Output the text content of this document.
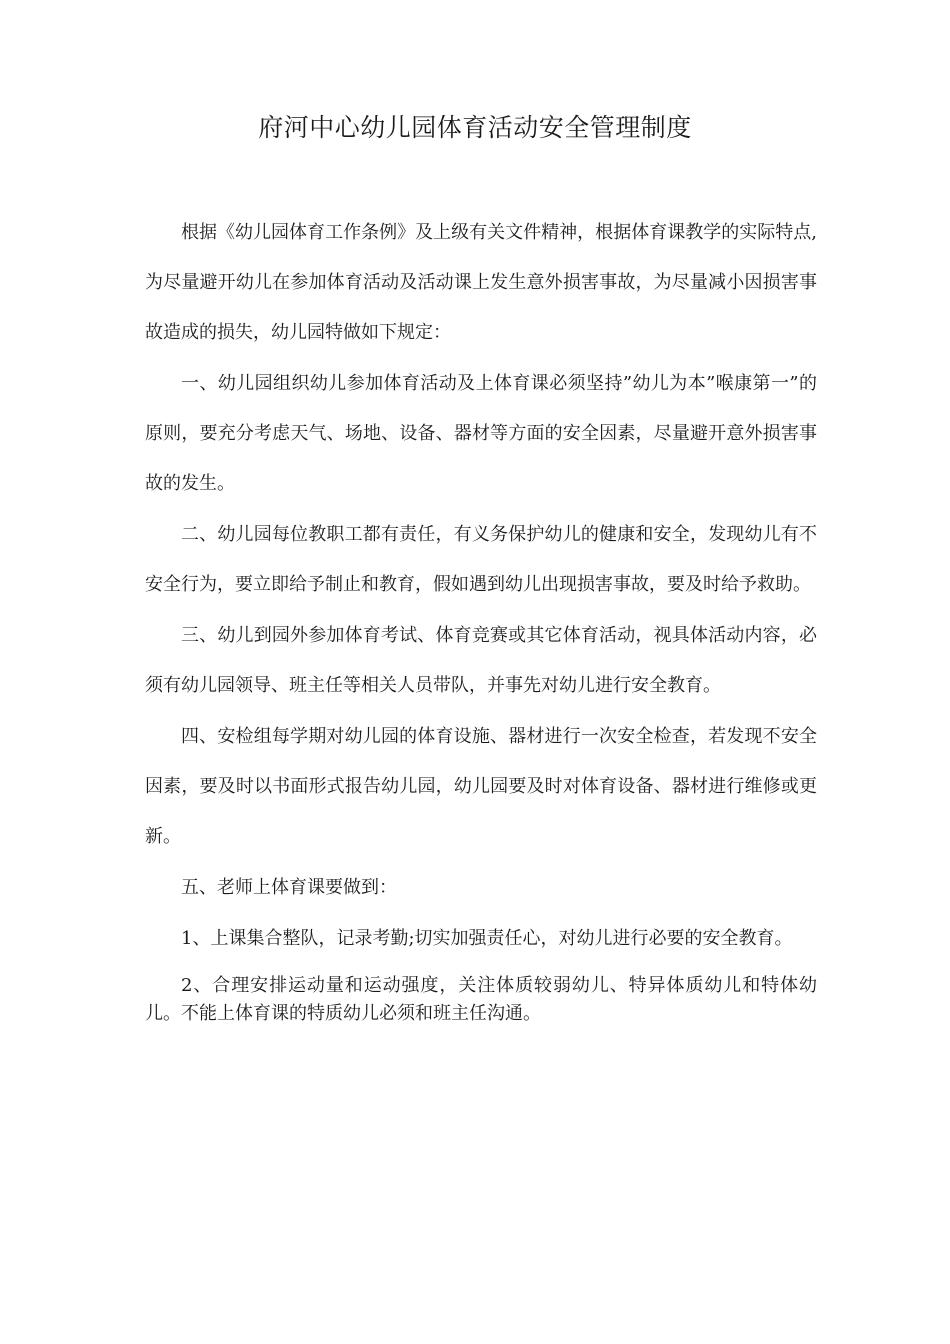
府河中心幼儿园体育活动安全管理制度

根据《幼儿园体育工作条例》及上级有关文件精神，根据体育课教学的实际特点,为尽量避开幼儿在参加体育活动及活动课上发生意外损害事故，为尽量减小因损害事故造成的损失，幼儿园特做如下规定：

一、幼儿园组织幼儿参加体育活动及上体育课必须坚持”幼儿为本”喉康第一”的原则，要充分考虑天气、场地、设备、器材等方面的安全因素，尽量避开意外损害事故的发生。

二、幼儿园每位教职工都有责任，有义务保护幼儿的健康和安全，发现幼儿有不安全行为，要立即给予制止和教育，假如遇到幼儿出现损害事故，要及时给予救助。

三、幼儿到园外参加体育考试、体育竞赛或其它体育活动，视具体活动内容，必须有幼儿园领导、班主任等相关人员带队，并事先对幼儿进行安全教育。

四、安检组每学期对幼儿园的体育设施、器材进行一次安全检查，若发现不安全因素，要及时以书面形式报告幼儿园，幼儿园要及时对体育设备、器材进行维修或更新。

五、老师上体育课要做到：

1、上课集合整队，记录考勤;切实加强责任心，对幼儿进行必要的安全教育。

2、合理安排运动量和运动强度，关注体质较弱幼儿、特异体质幼儿和特体幼儿。不能上体育课的特质幼儿必须和班主任沟通。
